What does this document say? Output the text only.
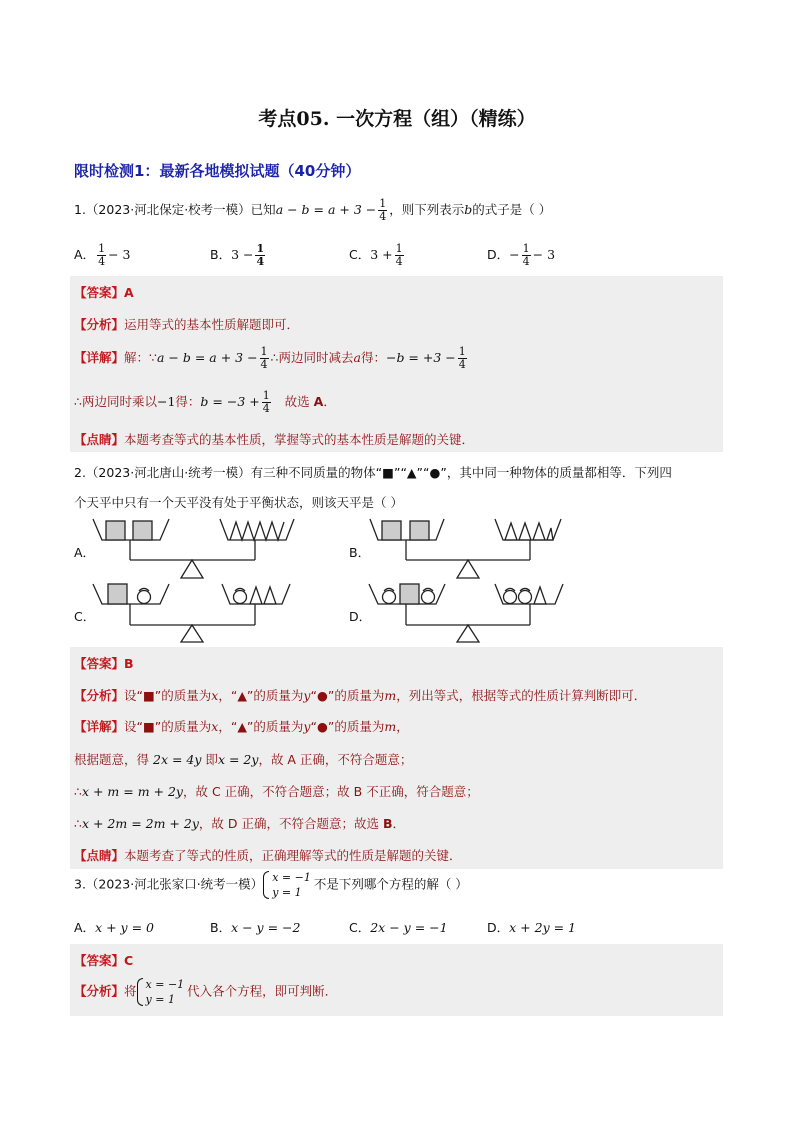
考点05. 一次方程（组）（精练）
限时检测1：最新各地模拟试题（40分钟）
1.（2023·河北保定·校考一模）已知$a - b = a + 3 - \frac{1}{4}$ ，则下列表示b的式子是（ ）
A． $\frac{1}{4} - 3$	B．$3 - \frac{1}{4}$	C．$3 + \frac{1}{4}$	D．− $\frac{1}{4} - 3$
【答案】A
【分析】运用等式的基本性质解题即可．
【详解】解：∵a − $b = a + 3 - \frac{1}{4}$ ∴两边同时减去a得：$-b = +3 - \frac{1}{4}$
∴两边同时乘以−1得：$b = -3 + \frac{1}{4}$ 故选 A．
【点睛】本题考查等式的基本性质，掌握等式的基本性质是解题的关键．
2.（2023·河北唐山·统考一模）有三种不同质量的物体“■”“▲”“●”，其中同一种物体的质量都相等．下列四
个天平中只有一个天平没有处于平衡状态，则该天平是（ ）
A．	B．
C．	D．
【答案】B
【分析】设“■”的质量为x，“▲”的质量为y“●”的质量为m，列出等式，根据等式的性质计算判断即可．
【详解】设“■”的质量为x，“▲”的质量为y“●”的质量为m，
根据题意，得 2x = 4y 即x = 2y，故 A 正确，不符合题意；
∴x + m = m + 2y，故 C 正确，不符合题意；故 B 不正确，符合题意；
∴x + 2m = 2m + 2y，故 D 正确，不符合题意；故选 B．
【点睛】本题考查了等式的性质，正确理解等式的性质是解题的关键．
3.（2023·河北张家口·统考一模） x = −1
y = 1
不是下列哪个方程的解（ ）
A．x + y = 0	B．x − y = −2	C．2x − y = −1	D．x + 2y = 1
【答案】C
【分析】将 x = −1
y = 1
代入各个方程，即可判断．
